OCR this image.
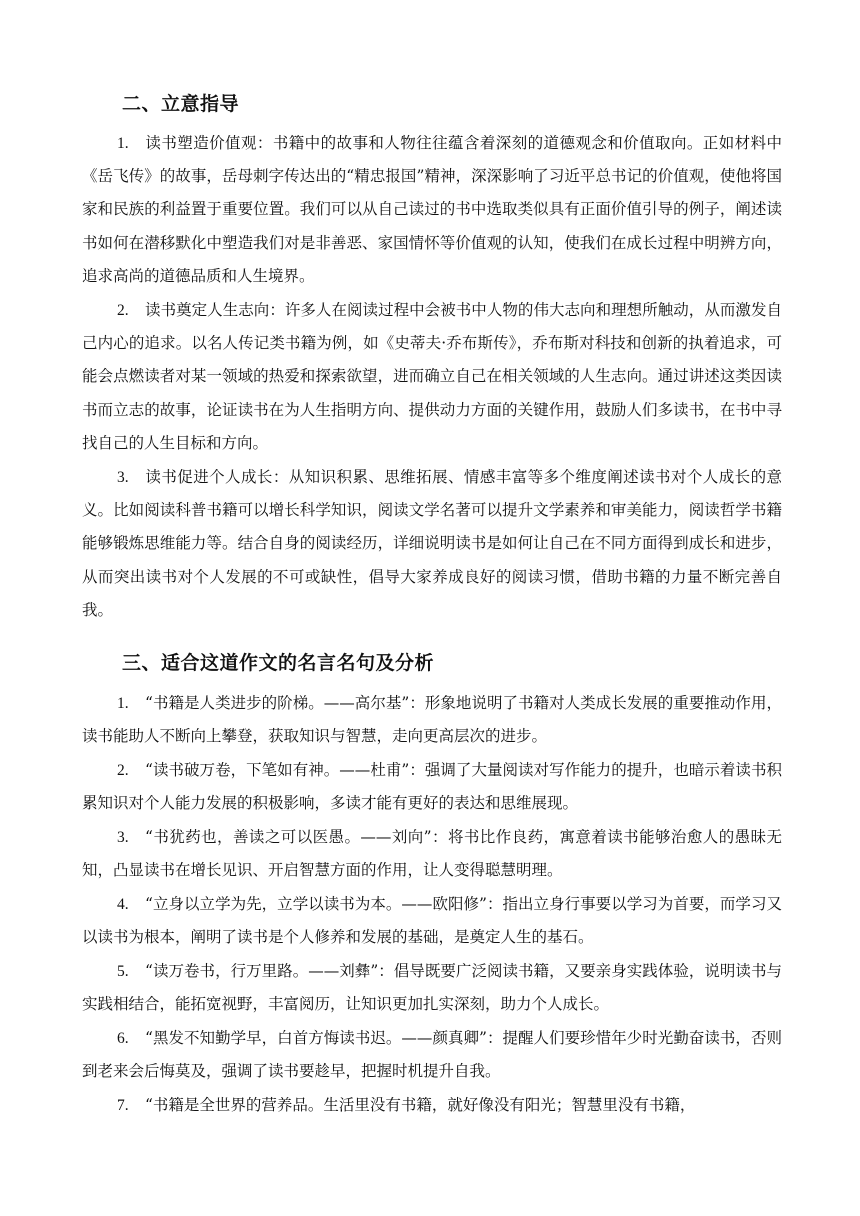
二、立意指导

1. 读书塑造价值观：书籍中的故事和人物往往蕴含着深刻的道德观念和价值取向。正如材料中《岳飞传》的故事，岳母刺字传达出的“精忠报国”精神，深深影响了习近平总书记的价值观，使他将国家和民族的利益置于重要位置。我们可以从自己读过的书中选取类似具有正面价值引导的例子，阐述读书如何在潜移默化中塑造我们对是非善恶、家国情怀等价值观的认知，使我们在成长过程中明辨方向，追求高尚的道德品质和人生境界。

2. 读书奠定人生志向：许多人在阅读过程中会被书中人物的伟大志向和理想所触动，从而激发自己内心的追求。以名人传记类书籍为例，如《史蒂夫·乔布斯传》，乔布斯对科技和创新的执着追求，可能会点燃读者对某一领域的热爱和探索欲望，进而确立自己在相关领域的人生志向。通过讲述这类因读书而立志的故事，论证读书在为人生指明方向、提供动力方面的关键作用，鼓励人们多读书，在书中寻找自己的人生目标和方向。

3. 读书促进个人成长：从知识积累、思维拓展、情感丰富等多个维度阐述读书对个人成长的意义。比如阅读科普书籍可以增长科学知识，阅读文学名著可以提升文学素养和审美能力，阅读哲学书籍能够锻炼思维能力等。结合自身的阅读经历，详细说明读书是如何让自己在不同方面得到成长和进步，从而突出读书对个人发展的不可或缺性，倡导大家养成良好的阅读习惯，借助书籍的力量不断完善自我。

三、适合这道作文的名言名句及分析

1. “书籍是人类进步的阶梯。——高尔基”：形象地说明了书籍对人类成长发展的重要推动作用，读书能助人不断向上攀登，获取知识与智慧，走向更高层次的进步。

2. “读书破万卷，下笔如有神。——杜甫”：强调了大量阅读对写作能力的提升，也暗示着读书积累知识对个人能力发展的积极影响，多读才能有更好的表达和思维展现。

3. “书犹药也，善读之可以医愚。——刘向”：将书比作良药，寓意着读书能够治愈人的愚昧无知，凸显读书在增长见识、开启智慧方面的作用，让人变得聪慧明理。

4. “立身以立学为先，立学以读书为本。——欧阳修”：指出立身行事要以学习为首要，而学习又以读书为根本，阐明了读书是个人修养和发展的基础，是奠定人生的基石。

5. “读万卷书，行万里路。——刘彝”：倡导既要广泛阅读书籍，又要亲身实践体验，说明读书与实践相结合，能拓宽视野，丰富阅历，让知识更加扎实深刻，助力个人成长。

6. “黑发不知勤学早，白首方悔读书迟。——颜真卿”：提醒人们要珍惜年少时光勤奋读书，否则到老来会后悔莫及，强调了读书要趁早，把握时机提升自我。

7. “书籍是全世界的营养品。生活里没有书籍，就好像没有阳光；智慧里没有书籍，
